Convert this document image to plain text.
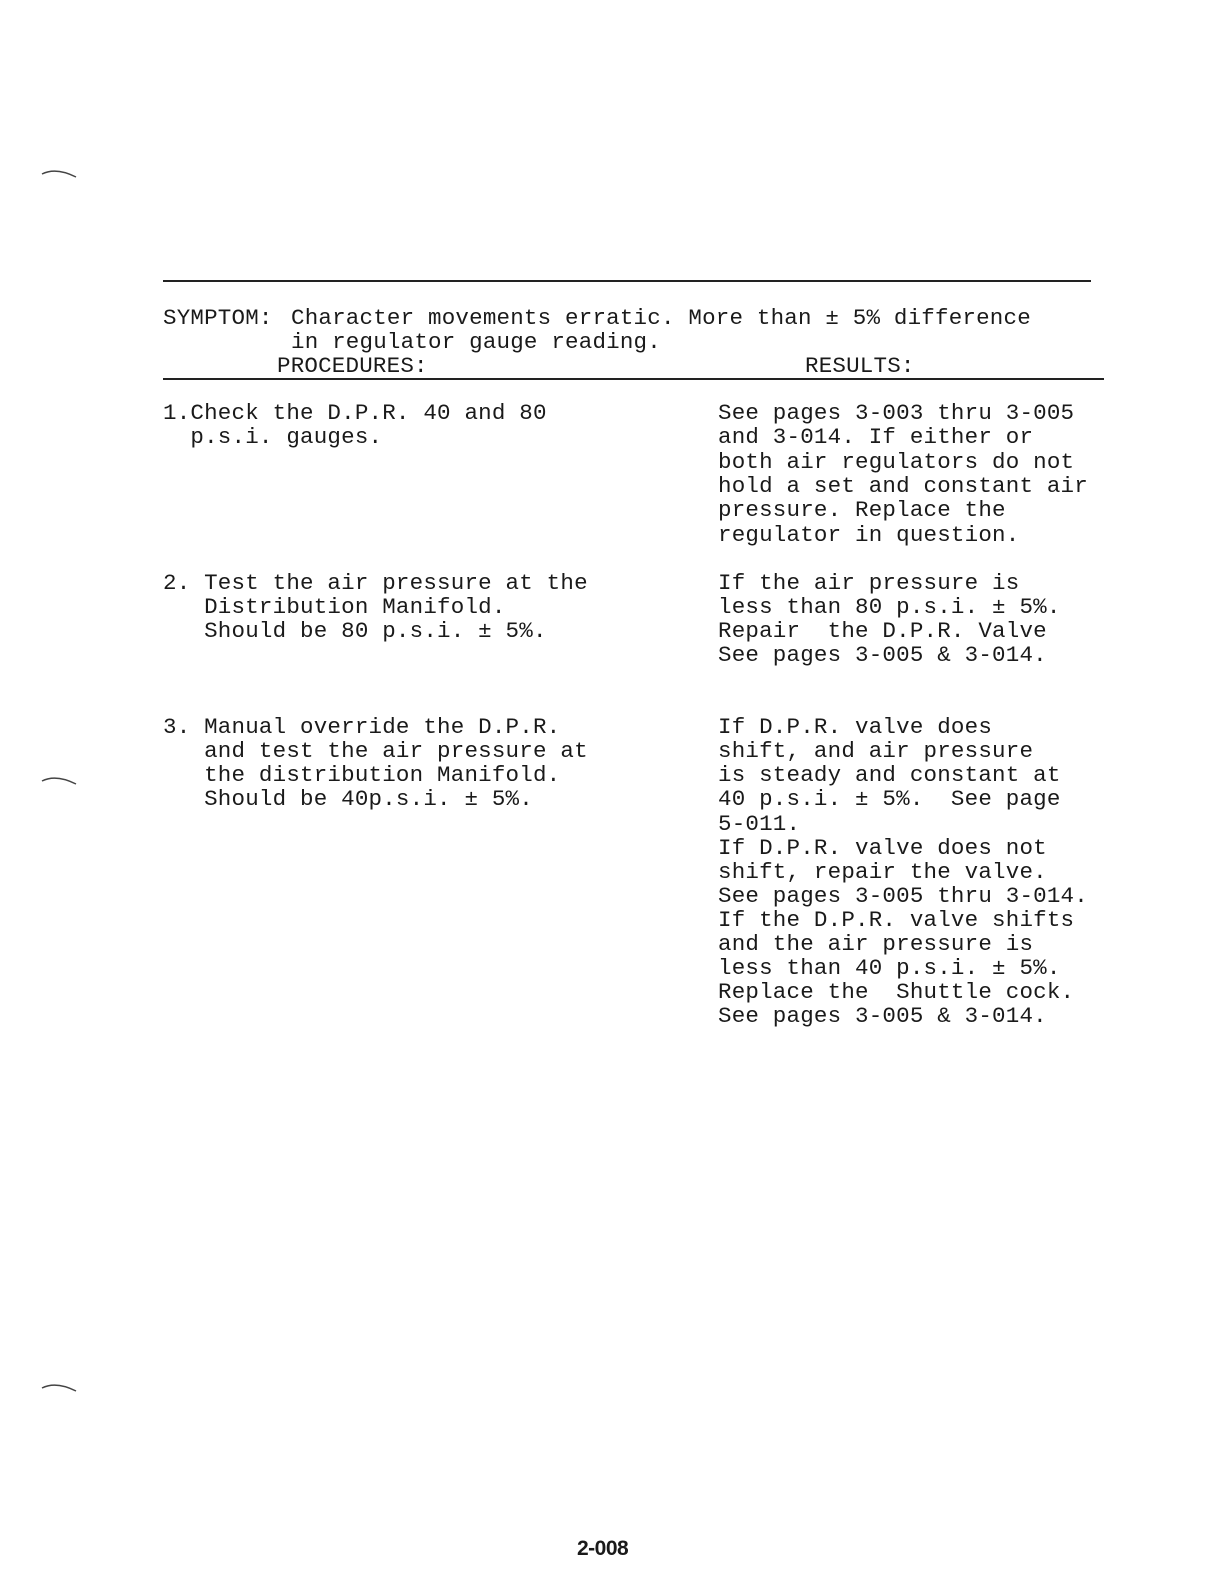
SYMPTOM: Character movements erratic. More than ± 5% difference
in regulator gauge reading.
PROCEDURES:	RESULTS:
1.Check the D.P.R. 40 and 80
p.s.i. gauges.
See pages 3-003 thru 3-005
and 3-014. If either or
both air regulators do not
hold a set and constant air
pressure. Replace the
regulator in question.
2. Test the air pressure at the
Distribution Manifold.
Should be 80 p.s.i. ± 5%.
If the air pressure is
less than 80 p.s.i. ± 5%.
Repair  the D.P.R. Valve
See pages 3-005 & 3-014.
3. Manual override the D.P.R.
and test the air pressure at
the distribution Manifold.
Should be 40p.s.i. ± 5%.
If D.P.R. valve does
shift, and air pressure
is steady and constant at
40 p.s.i. ± 5%.  See page
5-011.
If D.P.R. valve does not
shift, repair the valve.
See pages 3-005 thru 3-014.
If the D.P.R. valve shifts
and the air pressure is
less than 40 p.s.i. ± 5%.
Replace the  Shuttle cock.
See pages 3-005 & 3-014.
2-008
